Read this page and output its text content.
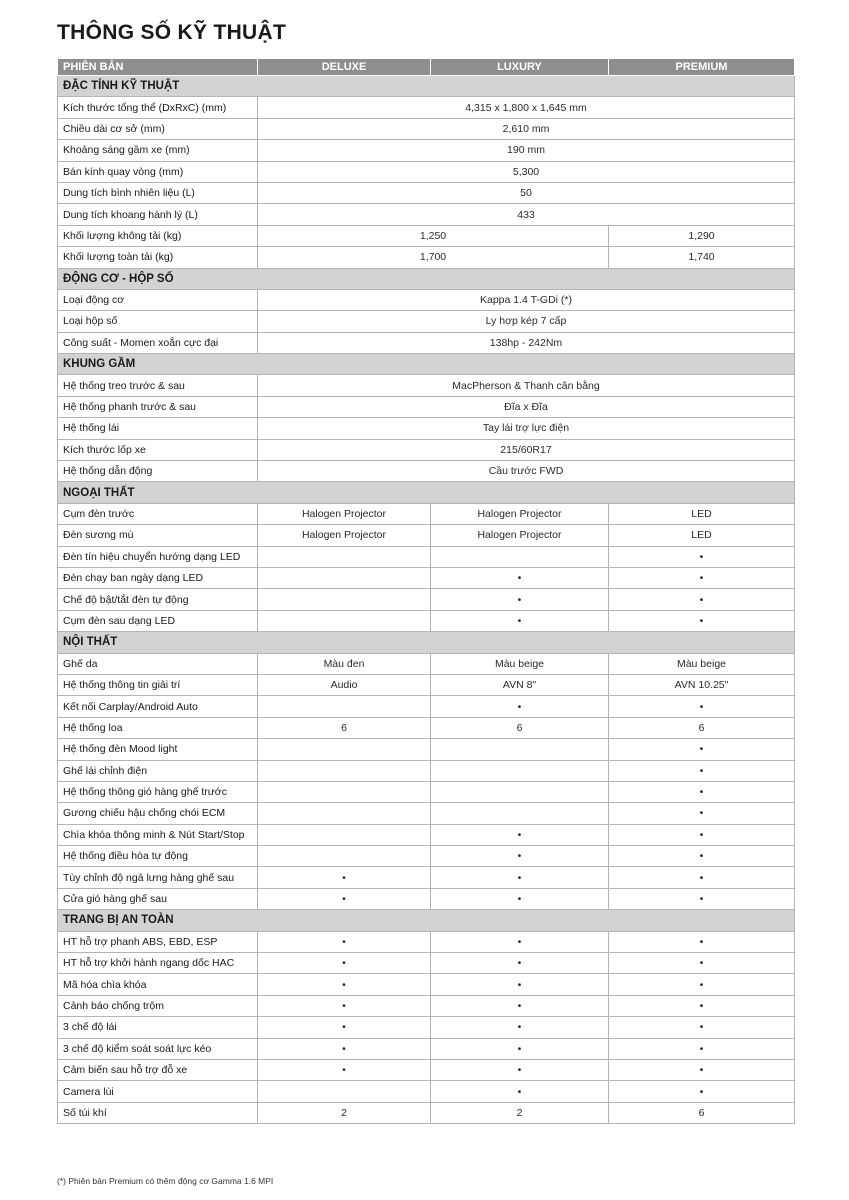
THÔNG SỐ KỸ THUẬT
PHIÊN BẢN	DELUXE	LUXURY	PREMIUM
ĐẶC TÍNH KỸ THUẬT			
Kích thước tổng thể (DxRxC) (mm)	4,315 x 1,800 x 1,645 mm		
Chiều dài cơ sở (mm)	2,610 mm		
Khoảng sáng gầm xe (mm)	190 mm		
Bán kính quay vòng (mm)	5,300		
Dung tích bình nhiên liệu (L)	50		
Dung tích khoang hành lý (L)	433		
Khối lượng không tải (kg)	1,250		1,290
Khối lượng toàn tải (kg)	1,700		1,740
ĐỘNG CƠ - HỘP SỐ			
Loại động cơ	Kappa 1.4 T-GDi (*)		
Loại hộp số	Ly hợp kép 7 cấp		
Công suất - Momen xoắn cực đại	138hp - 242Nm		
KHUNG GẦM			
Hệ thống treo trước & sau	MacPherson & Thanh cân bằng		
Hệ thống phanh trước & sau	Đĩa x Đĩa		
Hệ thống lái	Tay lái trợ lực điện		
Kích thước lốp xe	215/60R17		
Hệ thống dẫn động	Cầu trước FWD		
NGOẠI THẤT			
Cụm đèn trước	Halogen Projector	Halogen Projector	LED
Đèn sương mù	Halogen Projector	Halogen Projector	LED
Đèn tín hiệu chuyển hướng dạng LED			•
Đèn chạy ban ngày dạng LED		•	•
Chế độ bật/tắt đèn tự động		•	•
Cụm đèn sau dạng LED		•	•
NỘI THẤT			
Ghế da	Màu đen	Màu beige	Màu beige
Hệ thống thông tin giải trí	Audio	AVN 8"	AVN 10.25"
Kết nối Carplay/Android Auto		•	•
Hệ thống loa	6	6	6
Hệ thống đèn Mood light			•
Ghế lái chỉnh điện			•
Hệ thống thông gió hàng ghế trước			•
Gương chiếu hậu chống chói ECM			•
Chìa khóa thông minh & Nút Start/Stop		•	•
Hệ thống điều hòa tự động		•	•
Tùy chỉnh độ ngả lưng hàng ghế sau	•	•	•
Cửa gió hàng ghế sau	•	•	•
TRANG BỊ AN TOÀN			
HT hỗ trợ phanh ABS, EBD, ESP	•	•	•
HT hỗ trợ khởi hành ngang dốc HAC	•	•	•
Mã hóa chìa khóa	•	•	•
Cảnh báo chống trộm	•	•	•
3 chế độ lái	•	•	•
3 chế độ kiểm soát soát lực kéo	•	•	•
Cảm biến sau hỗ trợ đỗ xe	•	•	•
Camera lùi		•	•
Số túi khí	2	2	6
(*) Phiên bản Premium có thêm động cơ Gamma 1.6 MPI
